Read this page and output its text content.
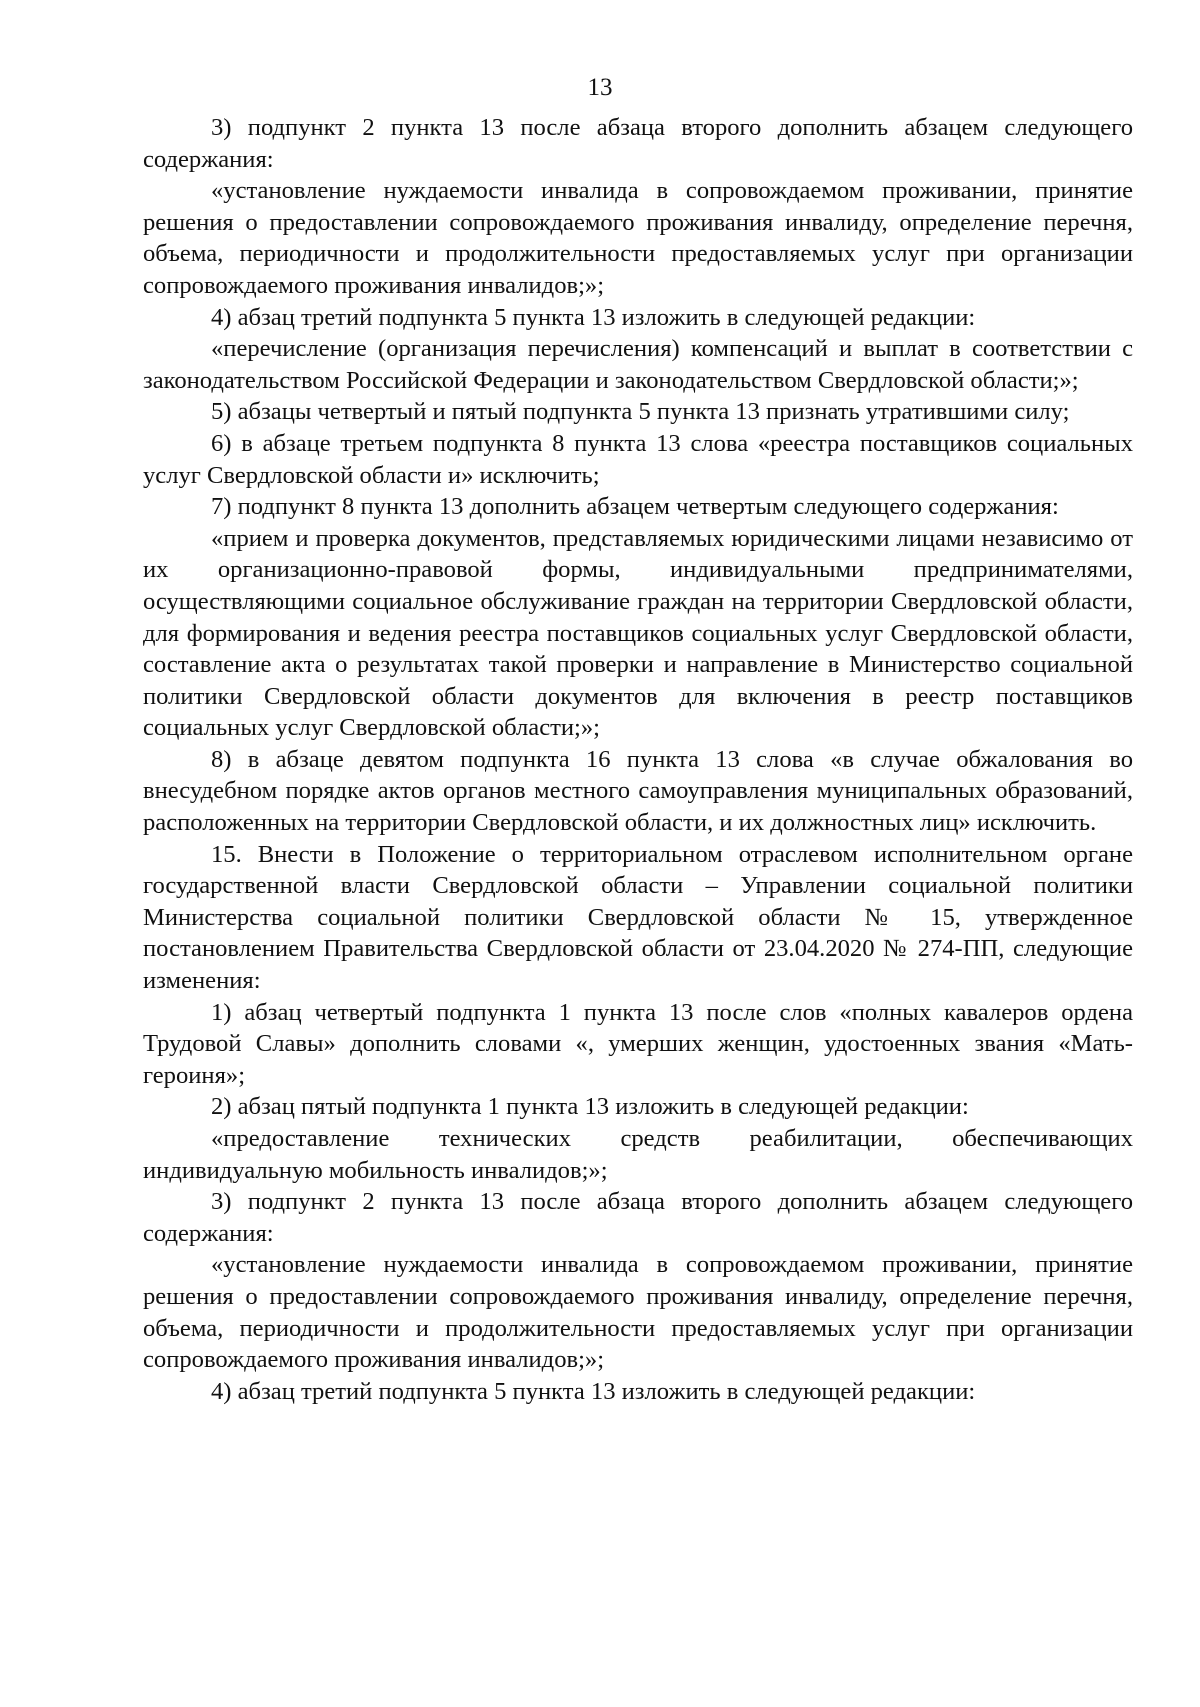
13

3) подпункт 2 пункта 13 после абзаца второго дополнить абзацем следующего содержания:

«установление нуждаемости инвалида в сопровождаемом проживании, принятие решения о предоставлении сопровождаемого проживания инвалиду, определение перечня, объема, периодичности и продолжительности предоставляемых услуг при организации сопровождаемого проживания инвалидов;»;

4) абзац третий подпункта 5 пункта 13 изложить в следующей редакции:

«перечисление (организация перечисления) компенсаций и выплат в соответствии с законодательством Российской Федерации и законодательством Свердловской области;»;

5) абзацы четвертый и пятый подпункта 5 пункта 13 признать утратившими силу;

6) в абзаце третьем подпункта 8 пункта 13 слова «реестра поставщиков социальных услуг Свердловской области и» исключить;

7) подпункт 8 пункта 13 дополнить абзацем четвертым следующего содержания:

«прием и проверка документов, представляемых юридическими лицами независимо от их организационно-правовой формы, индивидуальными предпринимателями, осуществляющими социальное обслуживание граждан на территории Свердловской области, для формирования и ведения реестра поставщиков социальных услуг Свердловской области, составление акта о результатах такой проверки и направление в Министерство социальной политики Свердловской области документов для включения в реестр поставщиков социальных услуг Свердловской области;»;

8) в абзаце девятом подпункта 16 пункта 13 слова «в случае обжалования во внесудебном порядке актов органов местного самоуправления муниципальных образований, расположенных на территории Свердловской области, и их должностных лиц» исключить.

15. Внести в Положение о территориальном отраслевом исполнительном органе государственной власти Свердловской области – Управлении социальной политики Министерства социальной политики Свердловской области № 15, утвержденное постановлением Правительства Свердловской области от 23.04.2020 № 274-ПП, следующие изменения:

1) абзац четвертый подпункта 1 пункта 13 после слов «полных кавалеров ордена Трудовой Славы» дополнить словами «, умерших женщин, удостоенных звания «Мать-героиня»;

2) абзац пятый подпункта 1 пункта 13 изложить в следующей редакции:

«предоставление технических средств реабилитации, обеспечивающих индивидуальную мобильность инвалидов;»;

3) подпункт 2 пункта 13 после абзаца второго дополнить абзацем следующего содержания:

«установление нуждаемости инвалида в сопровождаемом проживании, принятие решения о предоставлении сопровождаемого проживания инвалиду, определение перечня, объема, периодичности и продолжительности предоставляемых услуг при организации сопровождаемого проживания инвалидов;»;

4) абзац третий подпункта 5 пункта 13 изложить в следующей редакции:
